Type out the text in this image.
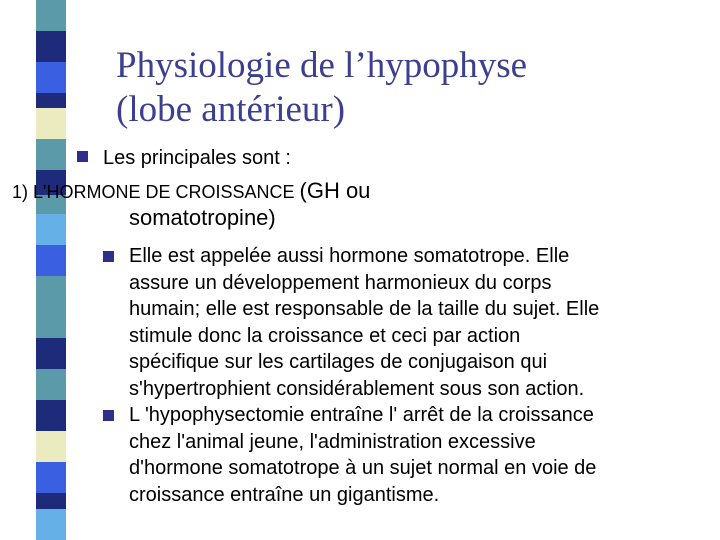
Physiologie de l’hypophyse
(lobe antérieur)
Les principales sont :
1) L'HORMONE DE CROISSANCE (GH ou
somatotropine)
Elle est appelée aussi hormone somatotrope. Elle
assure un développement harmonieux du corps
humain; elle est responsable de la taille du sujet. Elle
stimule donc la croissance et ceci par action
spécifique sur les cartilages de conjugaison qui
s'hypertrophient considérablement sous son action.
L 'hypophysectomie entraîne l' arrêt de la croissance
chez l'animal jeune, l'administration excessive
d'hormone somatotrope à un sujet normal en voie de
croissance entraîne un gigantisme.
